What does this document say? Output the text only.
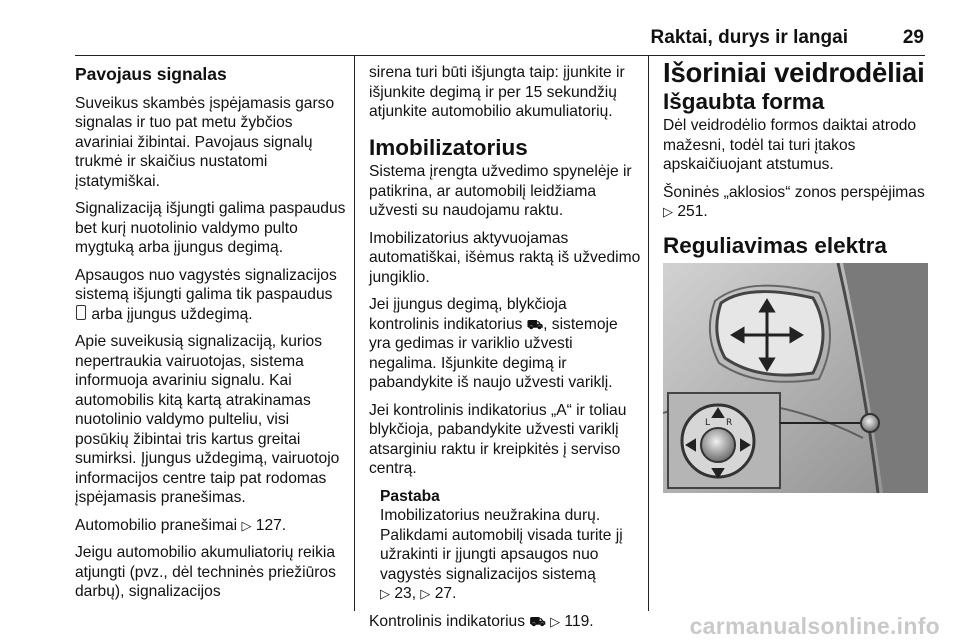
Raktai, durys ir langai	29
Pavojaus signalas

Suveikus skambės įspėjamasis garso signalas ir tuo pat metu žybčios avariniai žibintai. Pavojaus signalų trukmė ir skaičius nustatomi įstatymiškai.

Signalizaciją išjungti galima paspaudus bet kurį nuotolinio valdymo pulto mygtuką arba įjungus degimą.

Apsaugos nuo vagystės signalizacijos sistemą išjungti galima tik paspaudus  arba įjungus uždegimą.

Apie suveikusią signalizaciją, kurios nepertraukia vairuotojas, sistema informuoja avariniu signalu. Kai automobilis kitą kartą atrakinamas nuotolinio valdymo pulteliu, visi posūkių žibintai tris kartus greitai sumirksi. Įjungus uždegimą, vairuotojo informacijos centre taip pat rodomas įspėjamasis pranešimas.

Automobilio pranešimai ▷ 127.

Jeigu automobilio akumuliatorių reikia atjungti (pvz., dėl techninės priežiūros darbų), signalizacijos

sirena turi būti išjungta taip: įjunkite ir išjunkite degimą ir per 15 sekundžių atjunkite automobilio akumuliatorių.

Imobilizatorius

Sistema įrengta užvedimo spynelėje ir patikrina, ar automobilį leidžiama užvesti su naudojamu raktu.

Imobilizatorius aktyvuojamas automatiškai, išėmus raktą iš užvedimo jungiklio.

Jei įjungus degimą, blykčioja kontrolinis indikatorius ⛟, sistemoje yra gedimas ir variklio užvesti negalima. Išjunkite degimą ir pabandykite iš naujo užvesti variklį.

Jei kontrolinis indikatorius „A“ ir toliau blykčioja, pabandykite užvesti variklį atsarginiu raktu ir kreipkitės į serviso centrą.

Pastaba

Imobilizatorius neužrakina durų. Palikdami automobilį visada turite jį užrakinti ir įjungti apsaugos nuo vagystės signalizacijos sistemą
▷ 23, ▷ 27.

Kontrolinis indikatorius ⛟ ▷ 119.

Išoriniai veidrodėliai
Išgaubta forma

Dėl veidrodėlio formos daiktai atrodo mažesni, todėl tai turi įtakos apskaičiuojant atstumus.

Šoninės „aklosios“ zonos perspėjimas ▷ 251.

Reguliavimas elektra
L R
carmanualsonline.info
